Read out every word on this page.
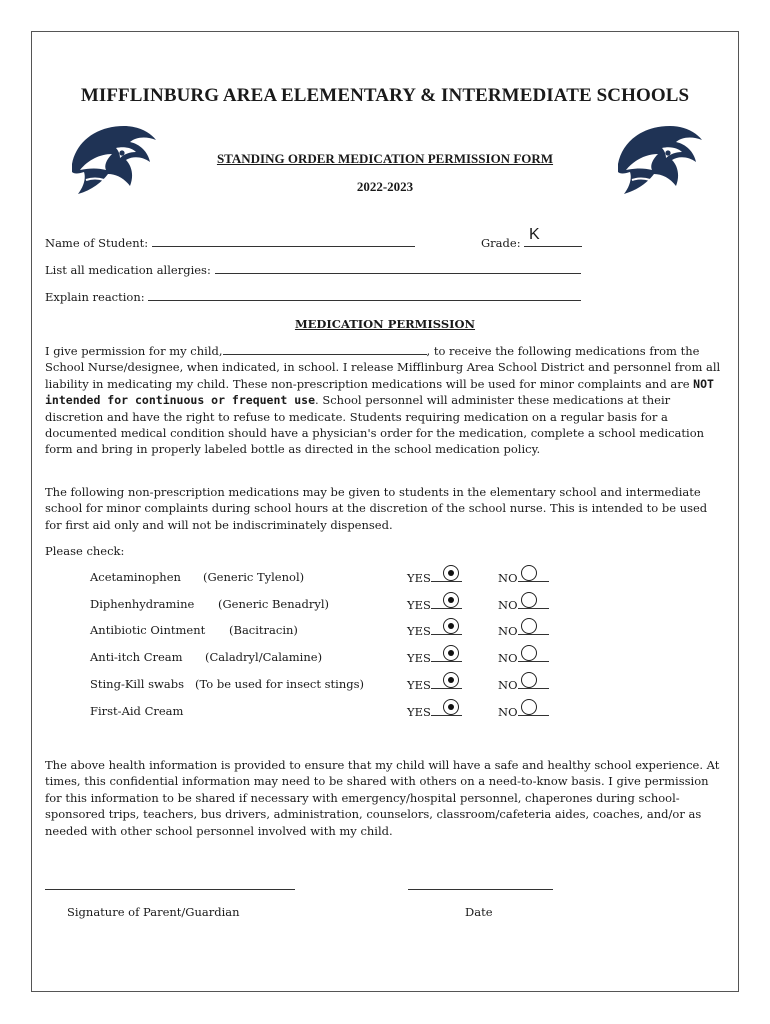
MIFFLINBURG AREA ELEMENTARY & INTERMEDIATE SCHOOLS
STANDING ORDER MEDICATION PERMISSION FORM
2022-2023
Name of Student:	Grade: K
List all medication allergies:
Explain reaction:
MEDICATION PERMISSION
I give permission for my child,	, to receive the following medications from the School Nurse/designee, when indicated, in school. I release Mifflinburg Area School District and personnel from all liability in medicating my child. These non-prescription medications will be used for minor complaints and are NOT intended for continuous or frequent use. School personnel will administer these medications at their discretion and have the right to refuse to medicate. Students requiring medication on a regular basis for a documented medical condition should have a physician's order for the medication, complete a school medication form and bring in properly labeled bottle as directed in the school medication policy.
The following non-prescription medications may be given to students in the elementary school and intermediate school for minor complaints during school hours at the discretion of the school nurse. This is intended to be used for first aid only and will not be indiscriminately dispensed.
Please check:
Acetaminophen (Generic Tylenol)	YES	NO
Diphenhydramine (Generic Benadryl)	YES	NO
Antibiotic Ointment (Bacitracin)	YES	NO
Anti-itch Cream (Caladryl/Calamine)	YES	NO
Sting-Kill swabs (To be used for insect stings)	YES	NO
First-Aid Cream	YES	NO
The above health information is provided to ensure that my child will have a safe and healthy school experience. At times, this confidential information may need to be shared with others on a need-to-know basis. I give permission for this information to be shared if necessary with emergency/hospital personnel, chaperones during school-sponsored trips, teachers, bus drivers, administration, counselors, classroom/cafeteria aides, coaches, and/or as needed with other school personnel involved with my child.
Signature of Parent/Guardian	Date
